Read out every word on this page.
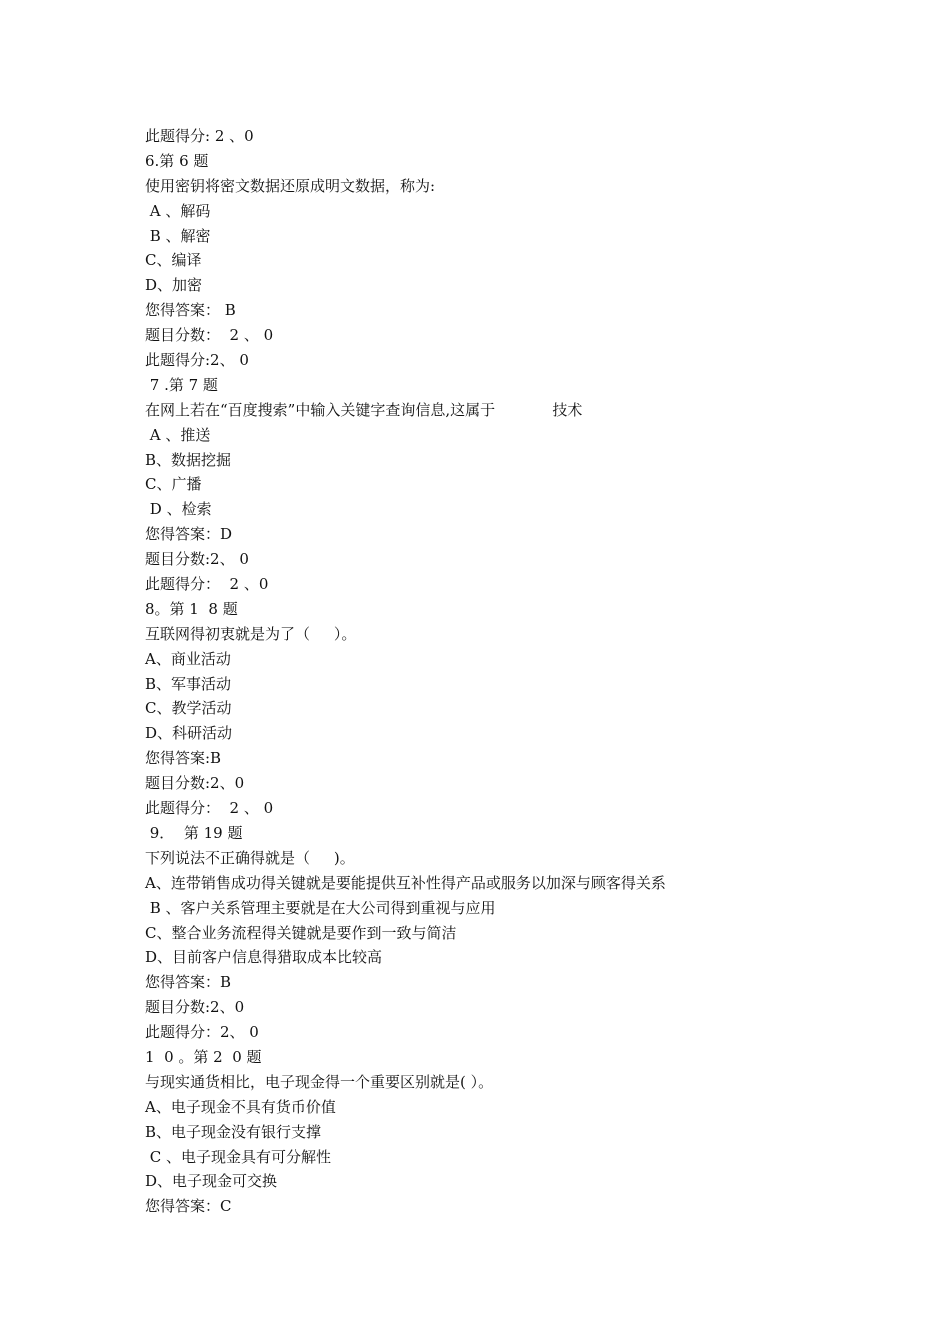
此题得分: 2 、0
6.第 6 题
使用密钥将密文数据还原成明文数据，称为:
A 、解码
B 、解密
C、编译
D、加密
您得答案： B
题目分数：  2 、 0
此题得分:2、 0
7 .第 7 题
在网上若在“百度搜索”中输入关键字查询信息,这属于            技术
A 、推送
B、数据挖掘
C、广播
D 、检索
您得答案：D
题目分数:2、 0
此题得分：  2 、0
8。第 1  8 题
互联网得初衷就是为了（     ）。
A、商业活动
B、军事活动
C、教学活动
D、科研活动
您得答案:B
题目分数:2、0
此题得分：  2 、 0
9．  第 19 题
下列说法不正确得就是（     )。
A、连带销售成功得关键就是要能提供互补性得产品或服务以加深与顾客得关系
B 、客户关系管理主要就是在大公司得到重视与应用
C、整合业务流程得关键就是要作到一致与简洁
D、目前客户信息得猎取成本比较高
您得答案：B
题目分数:2、0
此题得分：2、 0
1  0 。第 2  0 题
与现实通货相比，电子现金得一个重要区别就是( ）。
A、电子现金不具有货币价值
B、电子现金没有银行支撑
C 、电子现金具有可分解性
D、电子现金可交换
您得答案：C
